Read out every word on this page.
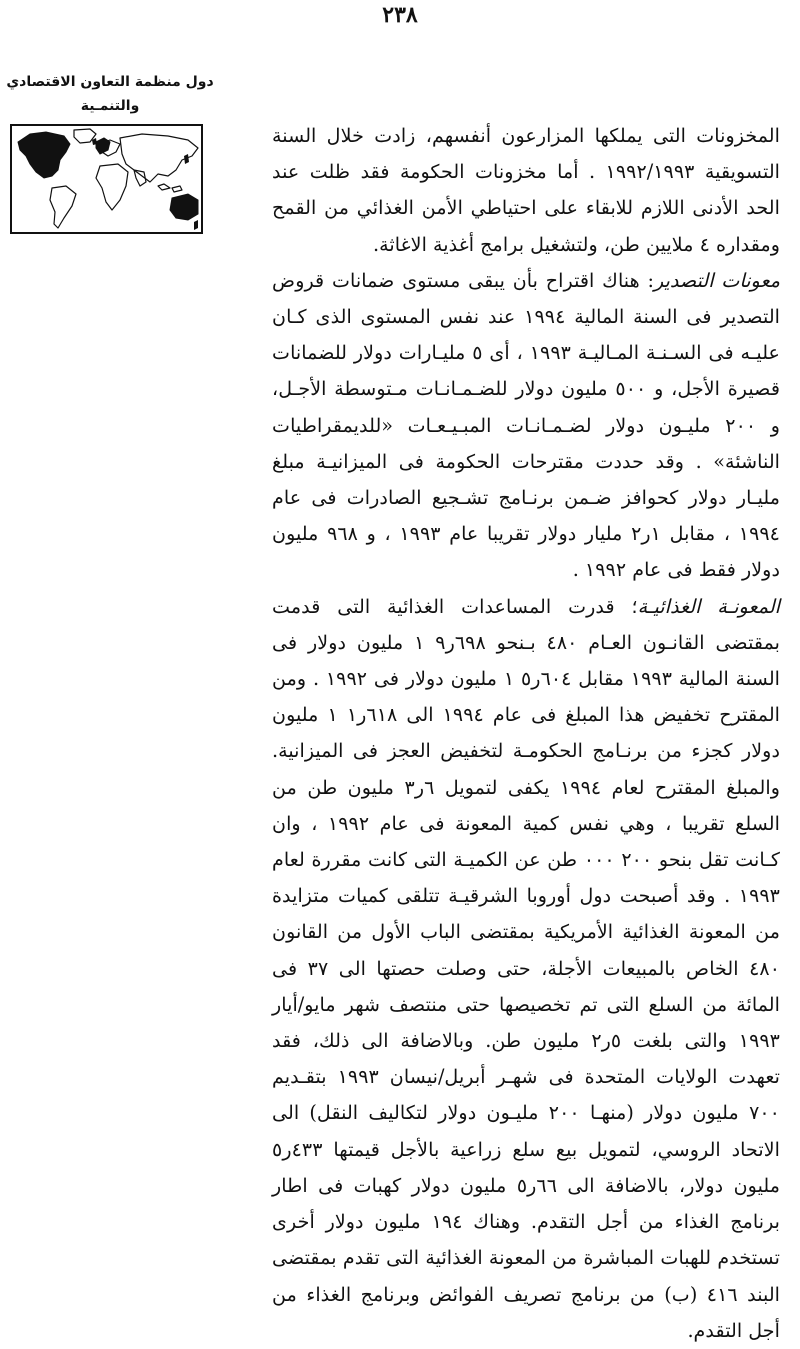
٢٣٨
دول منظمة التعاون الاقتصادي
والتنمـية

المخزونات التى يملكها المزارعون أنفسهم، زادت خلال السنة التسويقية ١٩٩٢/١٩٩٣ . أما مخزونات الحكومة فقد ظلت عند الحد الأدنى اللازم للابقاء على احتياطي الأمن الغذائي من القمح ومقداره ٤ ملايين طن، ولتشغيل برامج أغذية الاغاثة.

معونات التصدير: هناك اقتراح بأن يبقى مستوى ضمانات قروض التصدير فى السنة المالية ١٩٩٤ عند نفس المستوى الذى كـان عليـه فى السـنـة المـاليـة ١٩٩٣ ، أى ٥ مليـارات دولار للضمانات قصيرة الأجل، و ٥٠٠ مليون دولار للضـمـانـات مـتوسطة الأجـل، و ٢٠٠ مليـون دولار لضـمـانـات المبـيـعـات «للديمقراطيات الناشئة» . وقد حددت مقترحات الحكومة فى الميزانيـة مبلغ مليـار دولار كحوافز ضـمن برنـامج تشـجيع الصادرات فى عام ١٩٩٤ ، مقابل ١ر٢ مليار دولار تقريبا عام ١٩٩٣ ، و ٩٦٨ مليون دولار فقط فى عام ١٩٩٢ .

المعونـة الغذائيـة؛ قدرت المساعدات الغذائية التى قدمت بمقتضى القانـون العـام ٤٨٠ بـنحو ٦٩٨ر٩ ١ مليون دولار فى السنة المالية ١٩٩٣ مقابل ٦٠٤ر٥ ١ مليون دولار فى ١٩٩٢ . ومن المقترح تخفيض هذا المبلغ فى عام ١٩٩٤ الى ٦١٨ر١ ١ مليون دولار كجزء من برنـامج الحكومـة لتخفيض العجز فى الميزانية. والمبلغ المقترح لعام ١٩٩٤ يكفى لتمويل ٦ر٣ مليون طن من السلع تقريبا ، وهي نفس كمية المعونة فى عام ١٩٩٢ ، وان كـانت تقل بنحو ٢٠٠ ٠٠٠ طن عن الكميـة التى كانت مقررة لعام ١٩٩٣ . وقد أصبحت دول أوروبا الشرقيـة تتلقى كميات متزايدة من المعونة الغذائية الأمريكية بمقتضى الباب الأول من القانون ٤٨٠ الخاص بالمبيعات الأجلة، حتى وصلت حصتها الى ٣٧ فى المائة من السلع التى تم تخصيصها حتى منتصف شهر مايو/أيار ١٩٩٣ والتى بلغت ٥ر٢ مليون طن. وبالاضافة الى ذلك، فقد تعهدت الولايات المتحدة فى شهـر أبريل/نيسان ١٩٩٣ بتقـديم ٧٠٠ مليون دولار (منهـا ٢٠٠ مليـون دولار لتكاليف النقل) الى الاتحاد الروسي، لتمويل بيع سلع زراعية بالأجل قيمتها ٤٣٣ر٥ مليون دولار، بالاضافة الى ٦٦ر٥ مليون دولار كهبات فى اطار برنامج الغذاء من أجل التقدم. وهناك ١٩٤ مليون دولار أخرى تستخدم للهبات المباشرة من المعونة الغذائية التى تقدم بمقتضى البند ٤١٦ (ب) من برنامج تصريف الفوائض وبرنامج الغذاء من أجل التقدم.
